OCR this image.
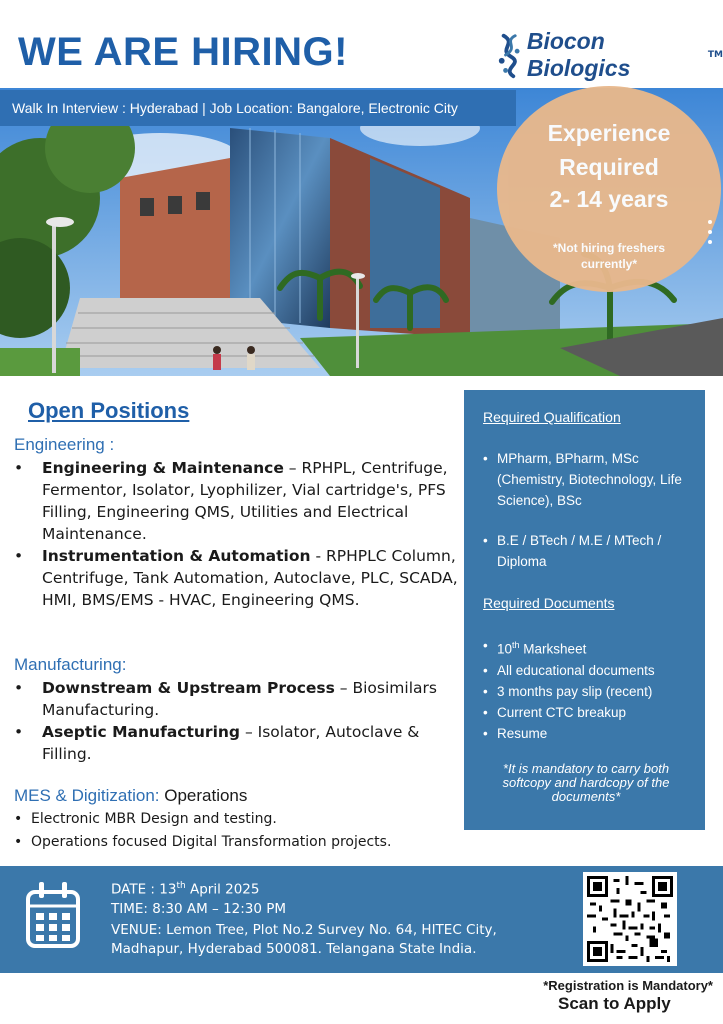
WE ARE HIRING!	Biocon Biologics	TM
Walk In Interview : Hyderabad | Job Location: Bangalore, Electronic City
Experience
Required
2- 14 years
*Not hiring freshers currently*
Open Positions
Engineering :
• Engineering & Maintenance – RPHPL, Centrifuge, Fermentor, Isolator, Lyophilizer, Vial cartridge's, PFS Filling, Engineering QMS, Utilities and Electrical Maintenance.
• Instrumentation & Automation - RPHPLC Column, Centrifuge, Tank Automation, Autoclave, PLC, SCADA, HMI, BMS/EMS - HVAC, Engineering QMS.
Manufacturing:
• Downstream & Upstream Process – Biosimilars Manufacturing.
• Aseptic Manufacturing – Isolator, Autoclave & Filling.
MES & Digitization: Operations
• Electronic MBR Design and testing.
• Operations focused Digital Transformation projects.
Required Qualification
• MPharm, BPharm, MSc (Chemistry, Biotechnology, Life Science), BSc
• B.E / BTech / M.E / MTech / Diploma
Required Documents
• 10th Marksheet
• All educational documents
• 3 months pay slip (recent)
• Current CTC breakup
• Resume
*It is mandatory to carry both softcopy and hardcopy of the documents*
DATE : 13th April 2025
TIME: 8:30 AM – 12:30 PM
VENUE: Lemon Tree, Plot No.2 Survey No. 64, HITEC City, Madhapur, Hyderabad 500081. Telangana State India.
*Registration is Mandatory*
Scan to Apply
